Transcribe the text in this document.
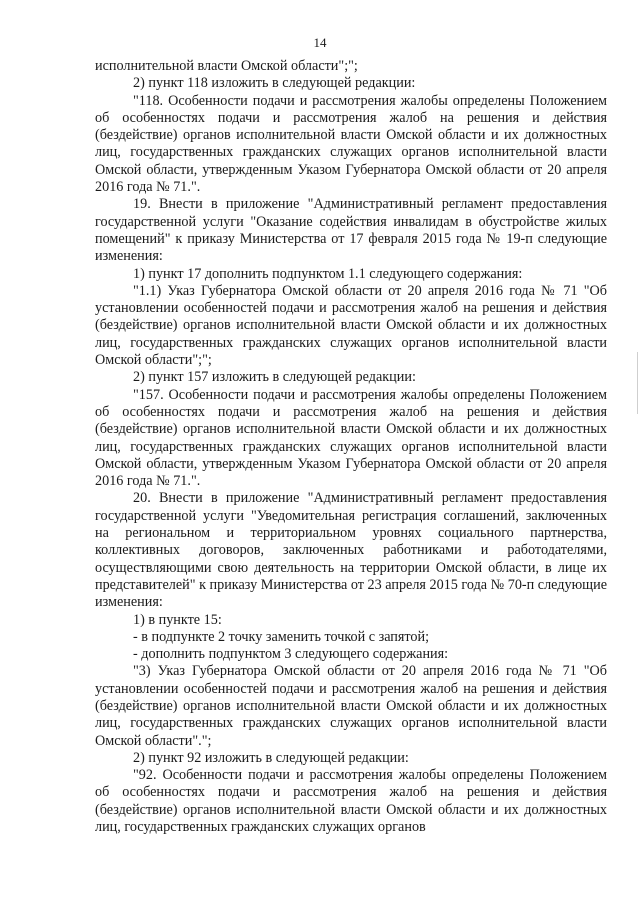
14

исполнительной власти Омской области";";

2) пункт 118 изложить в следующей редакции:

"118. Особенности подачи и рассмотрения жалобы определены Положением об особенностях подачи и рассмотрения жалоб на решения и действия (бездействие) органов исполнительной власти Омской области и их должностных лиц, государственных гражданских служащих органов исполнительной власти Омской области, утвержденным Указом Губернатора Омской области от 20 апреля 2016 года № 71.".

19. Внести в приложение "Административный регламент предоставления государственной услуги "Оказание содействия инвалидам в обустройстве жилых помещений" к приказу Министерства от 17 февраля 2015 года № 19-п следующие изменения:

1) пункт 17 дополнить подпунктом 1.1 следующего содержания:

"1.1) Указ Губернатора Омской области от 20 апреля 2016 года № 71 "Об установлении особенностей подачи и рассмотрения жалоб на решения и действия (бездействие) органов исполнительной власти Омской области и их должностных лиц, государственных гражданских служащих органов исполнительной власти Омской области";";

2) пункт 157 изложить в следующей редакции:

"157. Особенности подачи и рассмотрения жалобы определены Положением об особенностях подачи и рассмотрения жалоб на решения и действия (бездействие) органов исполнительной власти Омской области и их должностных лиц, государственных гражданских служащих органов исполнительной власти Омской области, утвержденным Указом Губернатора Омской области от 20 апреля 2016 года № 71.".

20. Внести в приложение "Административный регламент предоставления государственной услуги "Уведомительная регистрация соглашений, заключенных на региональном и территориальном уровнях социального партнерства, коллективных договоров, заключенных работниками и работодателями, осуществляющими свою деятельность на территории Омской области, в лице их представителей" к приказу Министерства от 23 апреля 2015 года № 70-п следующие изменения:

1) в пункте 15:

- в подпункте 2 точку заменить точкой с запятой;

- дополнить подпунктом 3 следующего содержания:

"3) Указ Губернатора Омской области от 20 апреля 2016 года № 71 "Об установлении особенностей подачи и рассмотрения жалоб на решения и действия (бездействие) органов исполнительной власти Омской области и их должностных лиц, государственных гражданских служащих органов исполнительной власти Омской области".";

2) пункт 92 изложить в следующей редакции:

"92. Особенности подачи и рассмотрения жалобы определены Положением об особенностях подачи и рассмотрения жалоб на решения и действия (бездействие) органов исполнительной власти Омской области и их должностных лиц, государственных гражданских служащих органов
